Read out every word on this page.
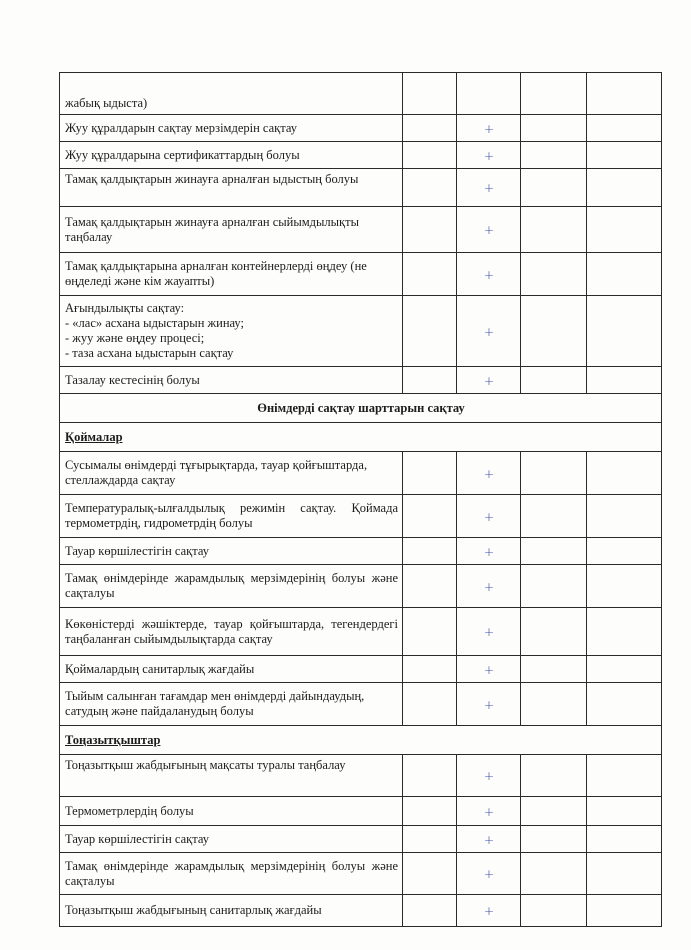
жабық ыдыста)				
Жуу құралдарын сақтау мерзімдерін сақтау		+		
Жуу құралдарына сертификаттардың болуы		+		
Тамақ қалдықтарын жинауға арналған ыдыстың болуы		+		
Тамақ қалдықтарын жинауға арналған сыйымдылықты таңбалау		+		
Тамақ қалдықтарына арналған контейнерлерді өңдеу (не өңделеді және кім жауапты)		+		

Ағындылықты сақтау:
- «лас» асхана ыдыстарын жинау;
- жуу және өңдеу процесі;
- таза асхана ыдыстарын сақтау		+		
Тазалау кестесінің болуы		+		
Өнімдерді сақтау шарттарын сақтау				
Қоймалар				
Сусымалы өнімдерді тұғырықтарда, тауар қойғыштарда, стеллаждарда сақтау		+		
Температуралық-ылғалдылық режимін сақтау. Қоймада термометрдің, гидрометрдің болуы		+		
Тауар көршілестігін сақтау		+		
Тамақ өнімдерінде жарамдылық мерзімдерінің болуы және сақталуы		+		
Көкөністерді жәшіктерде, тауар қойғыштарда, тегендердегі таңбаланған сыйымдылықтарда сақтау		+		
Қоймалардың санитарлық жағдайы		+		
Тыйым салынған тағамдар мен өнімдерді дайындаудың, сатудың және пайдаланудың болуы		+		
Тоңазытқыштар				
Тоңазытқыш жабдығының мақсаты туралы таңбалау		+		
Термометрлердің болуы		+		
Тауар көршілестігін сақтау		+		
Тамақ өнімдерінде жарамдылық мерзімдерінің болуы және сақталуы		+		
Тоңазытқыш жабдығының санитарлық жағдайы		+		
